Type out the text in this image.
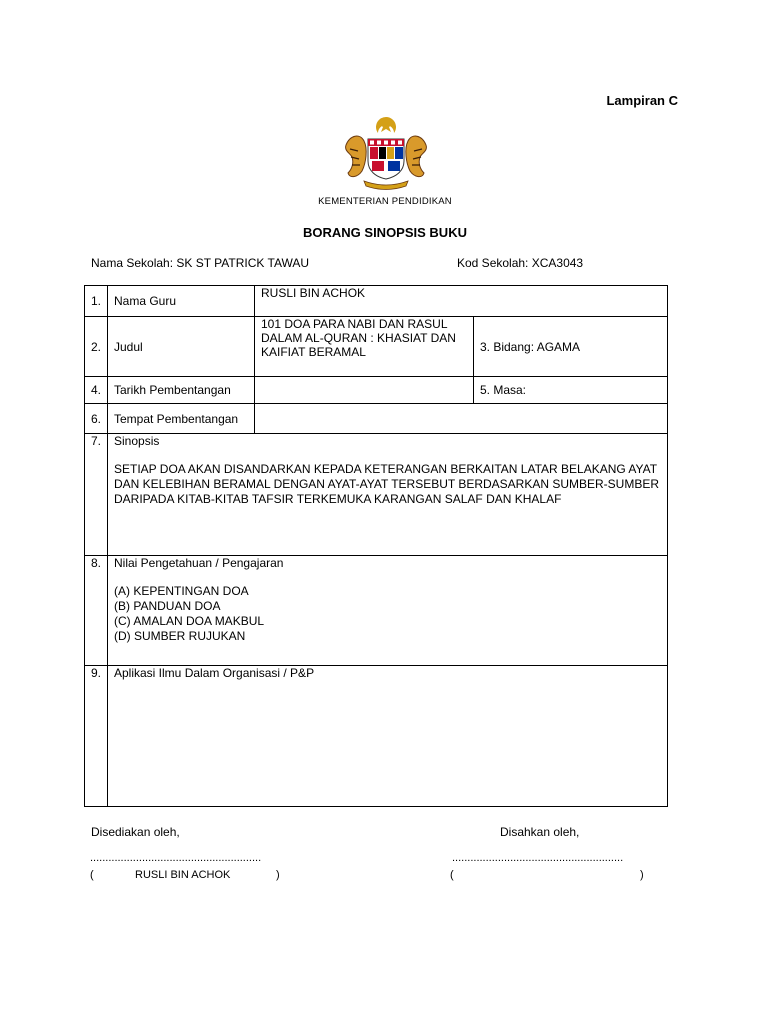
Lampiran C
KEMENTERIAN PENDIDIKAN
BORANG SINOPSIS BUKU
Nama Sekolah: SK ST PATRICK TAWAU	Kod Sekolah: XCA3043
1.	Nama Guru	RUSLI BIN ACHOK	
2.	Judul	101 DOA PARA NABI DAN RASUL DALAM AL-QURAN : KHASIAT DAN KAIFIAT BERAMAL	3. Bidang: AGAMA
4.	Tarikh Pembentangan		5. Masa:
6.	Tempat Pembentangan		
7.	Sinopsis
SETIAP DOA AKAN DISANDARKAN KEPADA KETERANGAN BERKAITAN LATAR BELAKANG AYAT DAN KELEBIHAN BERAMAL DENGAN AYAT-AYAT TERSEBUT BERDASARKAN SUMBER-SUMBER DARIPADA KITAB-KITAB TAFSIR TERKEMUKA KARANGAN SALAF DAN KHALAF		

8.	Nilai Pengetahuan / Pengajaran
(A) KEPENTINGAN DOA
(B) PANDUAN DOA
(C) AMALAN DOA MAKBUL
(D) SUMBER RUJUKAN		

9.	Aplikasi Ilmu Dalam Organisasi / P&P		
Disediakan oleh,	Disahkan oleh,
........................................................	........................................................
(	RUSLI BIN ACHOK	)	(	)
